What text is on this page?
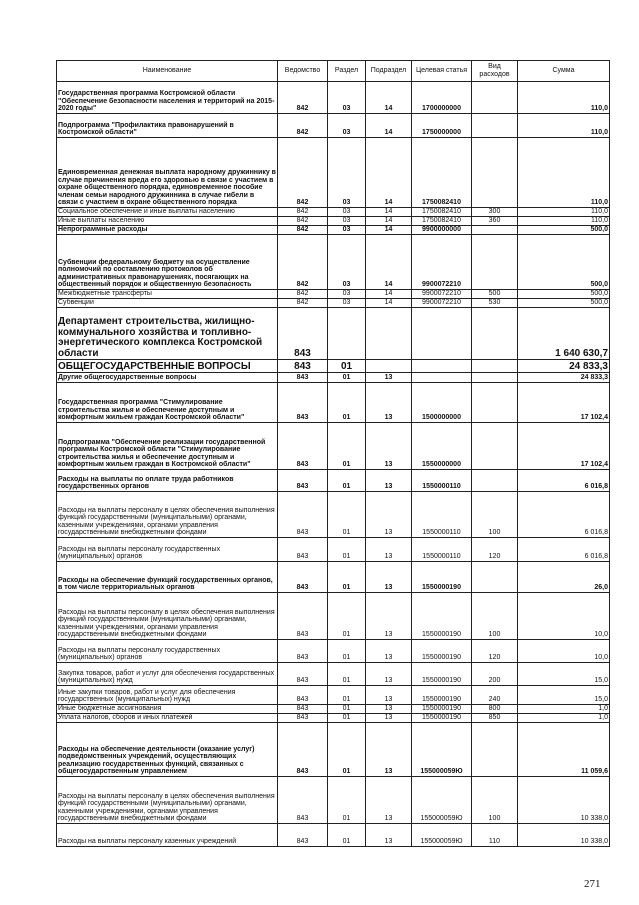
Наименование	Ведомство	Раздел	Подраздел	Целевая статья	Вид расходов	Сумма
Государственная программа Костромской области "Обеспечение безопасности населения и территорий на 2015-2020 годы"	842	03	14	1700000000		110,0
Подпрограмма "Профилактика правонарушений в Костромской области"	842	03	14	1750000000		110,0
Единовременная денежная выплата народному дружиннику в случае причинения вреда его здоровью в связи с участием в охране общественного порядка, единовременное пособие членам семьи народного дружинника в случае гибели в связи с участием в охране общественного порядка	842	03	14	1750082410		110,0
Социальное обеспечение и иные выплаты населению	842	03	14	1750082410	300	110,0
Иные выплаты населению	842	03	14	1750082410	360	110,0
Непрограммные расходы	842	03	14	9900000000		500,0
Субвенции федеральному бюджету на осуществление полномочий по составлению протоколов об административных правонарушениях, посягающих на общественный порядок и общественную безопасность	842	03	14	9900072210		500,0
Межбюджетные трансферты	842	03	14	9900072210	500	500,0
Субвенции	842	03	14	9900072210	530	500,0
Департамент строительства, жилищно-коммунального хозяйства и топливно-энергетического комплекса Костромской области	843					1 640 630,7
ОБЩЕГОСУДАРСТВЕННЫЕ ВОПРОСЫ	843	01				24 833,3
Другие общегосударственные вопросы	843	01	13			24 833,3
Государственная программа "Стимулирование строительства жилья и обеспечение доступным и комфортным жильем граждан Костромской области"	843	01	13	1500000000		17 102,4
Подпрограмма "Обеспечение реализации государственной программы Костромской области "Стимулирование строительства жилья и обеспечение доступным и комфортным жильем граждан в Костромской области"	843	01	13	1550000000		17 102,4
Расходы на выплаты по оплате труда работников государственных органов	843	01	13	1550000110		6 016,8
Расходы на выплаты персоналу в целях обеспечения выполнения функций государственными (муниципальными) органами, казенными учреждениями, органами управления государственными внебюджетными фондами	843	01	13	1550000110	100	6 016,8
Расходы на выплаты персоналу государственных (муниципальных) органов	843	01	13	1550000110	120	6 016,8
Расходы на обеспечение функций государственных органов, в том числе территориальных органов	843	01	13	1550000190		26,0
Расходы на выплаты персоналу в целях обеспечения выполнения функций государственными (муниципальными) органами, казенными учреждениями, органами управления государственными внебюджетными фондами	843	01	13	1550000190	100	10,0
Расходы на выплаты персоналу государственных (муниципальных) органов	843	01	13	1550000190	120	10,0
Закупка товаров, работ и услуг для обеспечения государственных (муниципальных) нужд	843	01	13	1550000190	200	15,0
Иные закупки товаров, работ и услуг для обеспечения государственных (муниципальных) нужд	843	01	13	1550000190	240	15,0
Иные бюджетные ассигнования	843	01	13	1550000190	800	1,0
Уплата налогов, сборов и иных платежей	843	01	13	1550000190	850	1,0
Расходы на обеспечение деятельности (оказание услуг) подведомственных учреждений, осуществляющих реализацию государственных функций, связанных с общегосударственным управлением	843	01	13	155000059Ю		11 059,6
Расходы на выплаты персоналу в целях обеспечения выполнения функций государственными (муниципальными) органами, казенными учреждениями, органами управления государственными внебюджетными фондами	843	01	13	155000059Ю	100	10 338,0
Расходы на выплаты персоналу казенных учреждений	843	01	13	155000059Ю	110	10 338,0
271
